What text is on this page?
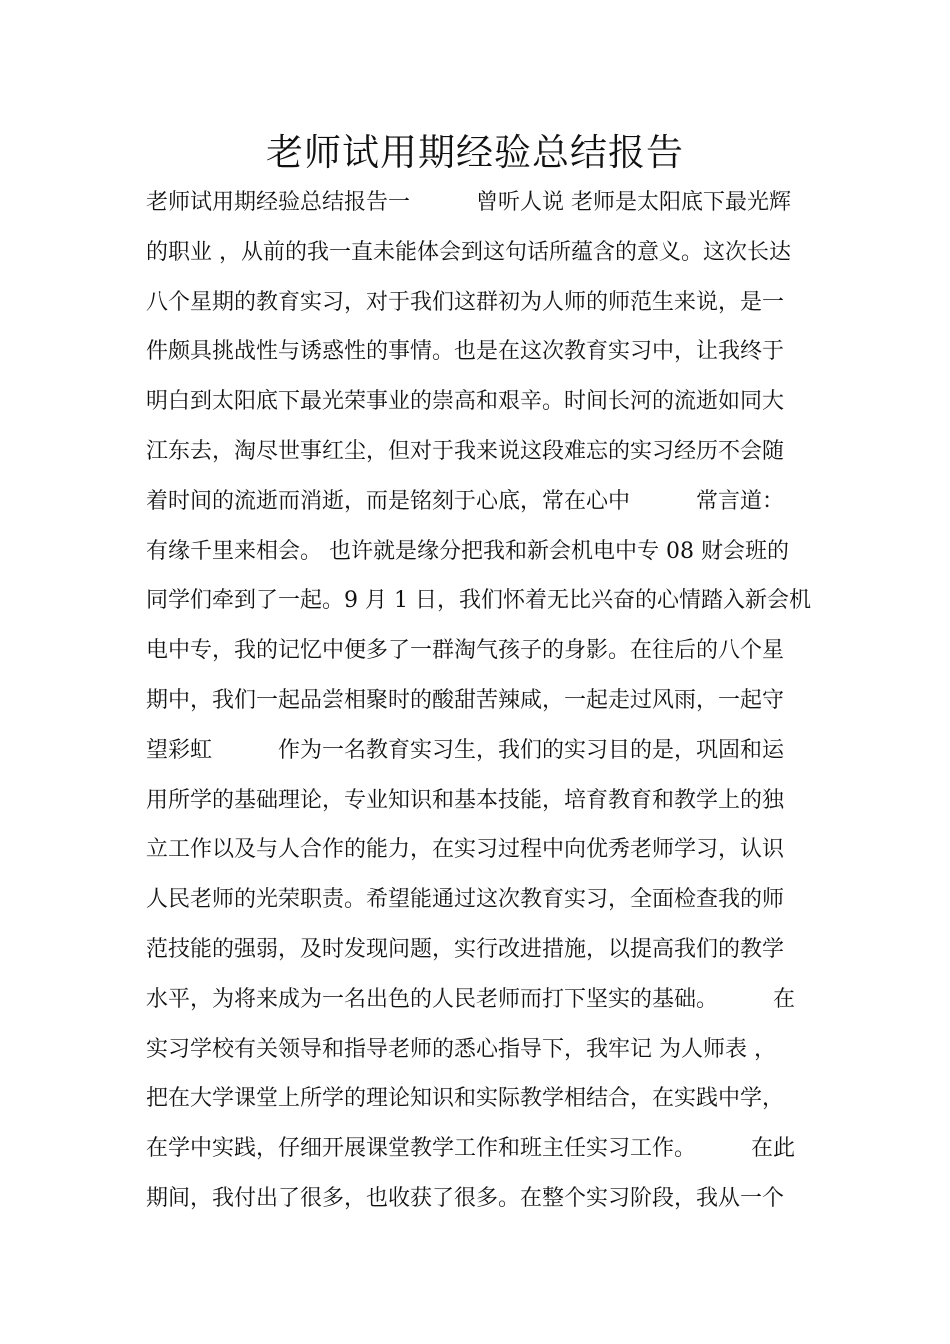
老师试用期经验总结报告
老师试用期经验总结报告一　　　曾听人说 老师是太阳底下最光辉
的职业 ，从前的我一直未能体会到这句话所蕴含的意义。这次长达
八个星期的教育实习，对于我们这群初为人师的师范生来说，是一
件颇具挑战性与诱惑性的事情。也是在这次教育实习中，让我终于
明白到太阳底下最光荣事业的崇高和艰辛。时间长河的流逝如同大
江东去，淘尽世事红尘，但对于我来说这段难忘的实习经历不会随
着时间的流逝而消逝，而是铭刻于心底，常在心中　　　常言道：
有缘千里来相会。 也许就是缘分把我和新会机电中专 08 财会班的
同学们牵到了一起。9 月 1 日，我们怀着无比兴奋的心情踏入新会机
电中专，我的记忆中便多了一群淘气孩子的身影。在往后的八个星
期中，我们一起品尝相聚时的酸甜苦辣咸，一起走过风雨，一起守
望彩虹　　　作为一名教育实习生，我们的实习目的是，巩固和运
用所学的基础理论，专业知识和基本技能，培育教育和教学上的独
立工作以及与人合作的能力，在实习过程中向优秀老师学习，认识
人民老师的光荣职责。希望能通过这次教育实习，全面检查我的师
范技能的强弱，及时发现问题，实行改进措施，以提高我们的教学
水平，为将来成为一名出色的人民老师而打下坚实的基础。　　　在
实习学校有关领导和指导老师的悉心指导下，我牢记 为人师表 ，
把在大学课堂上所学的理论知识和实际教学相结合，在实践中学，
在学中实践，仔细开展课堂教学工作和班主任实习工作。　　　在此
期间，我付出了很多，也收获了很多。在整个实习阶段，我从一个
